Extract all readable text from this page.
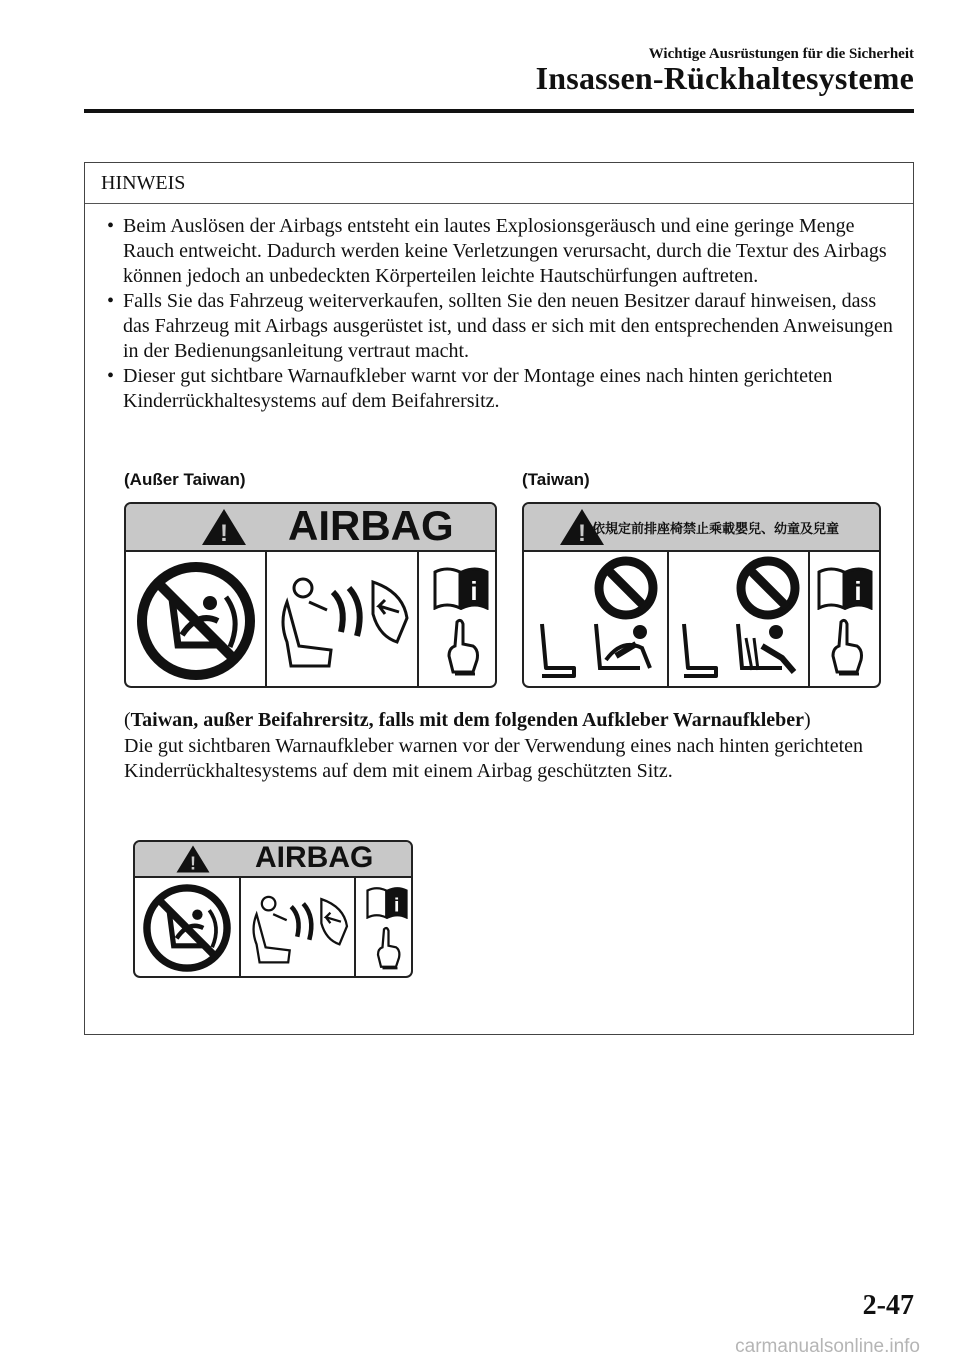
Wichtige Ausrüstungen für die Sicherheit
Insassen-Rückhaltesysteme
HINWEIS
• Beim Auslösen der Airbags entsteht ein lautes Explosionsgeräusch und eine geringe Menge Rauch entweicht. Dadurch werden keine Verletzungen verursacht, durch die Textur des Airbags können jedoch an unbedeckten Körperteilen leichte Hautschürfungen auftreten.
• Falls Sie das Fahrzeug weiterverkaufen, sollten Sie den neuen Besitzer darauf hinweisen, dass das Fahrzeug mit Airbags ausgerüstet ist, und dass er sich mit den entsprechenden Anweisungen in der Bedienungsanleitung vertraut macht.
• Dieser gut sichtbare Warnaufkleber warnt vor der Montage eines nach hinten gerichteten Kinderrückhaltesystems auf dem Beifahrersitz.
(Außer Taiwan)	(Taiwan)
! AIRBAG
i
! 依規定前排座椅禁止乘載嬰兒、幼童及兒童
i
(Taiwan, außer Beifahrersitz, falls mit dem folgenden Aufkleber Warnaufkleber)
Die gut sichtbaren Warnaufkleber warnen vor der Verwendung eines nach hinten gerichteten Kinderrückhaltesystems auf dem mit einem Airbag geschützten Sitz.
! AIRBAG
i
2-47
carmanualsonline.info
